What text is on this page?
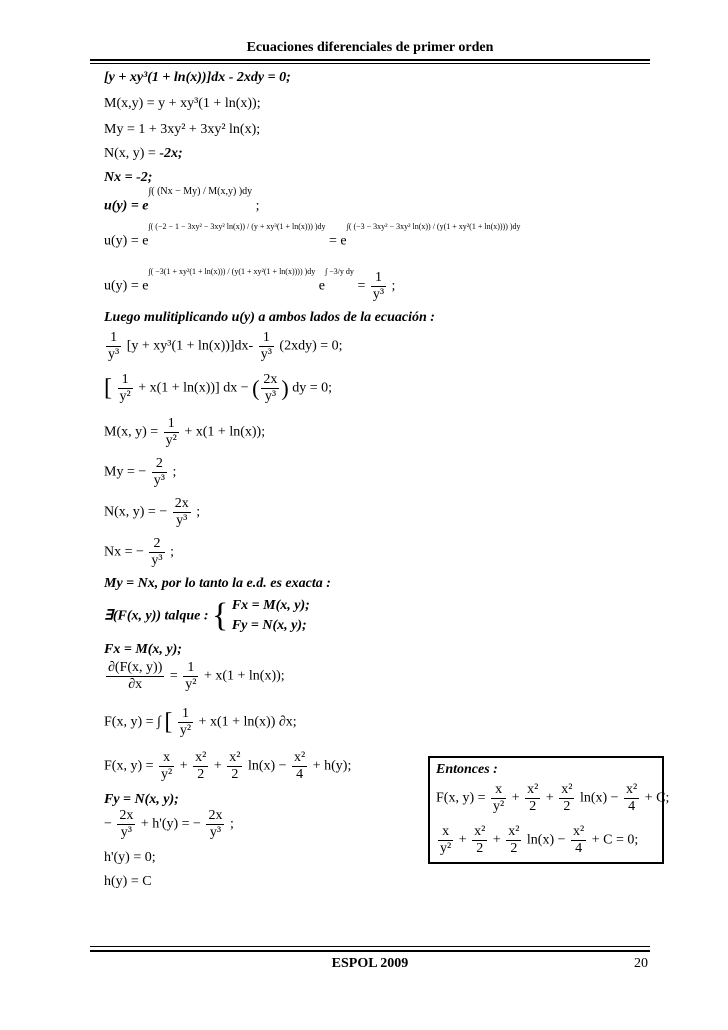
Ecuaciones diferenciales de primer orden
[y + xy³(1 + ln(x))]dx - 2xdy = 0;
M(x,y) = y + xy³(1 + ln(x));
My = 1 + 3xy² + 3xy² ln(x);
N(x, y) = -2x;
Nx = -2;
$u(y) = e^{\int( (Nx - My) / M(x,y) )dy}$ ;
$u(y) = e^{\int( (-2 - 1 - 3xy^2 - 3xy^2 ln(x)) / (y + xy^3(1 + ln(x))) )dy} = e^{\int( (-3 - 3xy^2 - 3xy^2 ln(x)) / (y(1 + xy^2(1 + ln(x)))) )dy}$
$u(y) = e^{\int( -3(1 + xy^2(1 + ln(x))) / (y(1 + xy^2(1 + ln(x)))) )dy}$ $e^{\int -3/y dy} = \frac{1}{\text{y³}}$ ;
Luego mulitiplicando u(y) a ambos lados de la ecuación :
$\frac{1}{\text{y³}} [y + xy^3(1 + \ln(x))]dx- \frac{1}{\text{y³}} (2xdy) = 0$;
[ $\frac{1}{\text{y²}} + x(1 + \ln(x))$] dx − ( $\frac{2x}{\text{y³}}$ ) dy = 0;
M(x, $y) = \frac{1}{\text{y²}} + x(1 + \ln(x))$;
My = − $\frac{2}{\text{y³}}$ ;
N(x, y) = − $\frac{2x}{\text{y³}}$ ;
Nx = − $\frac{2}{\text{y³}}$ ;
My = Nx, por lo tanto la e.d. es exacta :
∃(F(x, y)) talque : { Fx = M(x, y);
Fy = N(x, y);
Fx = M(x, y);
$\frac{\partial(F(x, y))}{\partial x} = \frac{1}{\text{y²}} + x(1 + \ln(x))$;
F(x, y) = ∫ [ $\frac{1}{\text{y²}} + x(1 + \ln(x))$ ∂x;
F(x, $y) = \frac{x}{\text{y²}} + \frac{\text{x²}}{2} + \frac{\text{x²}}{2} \ln(x) - \frac{\text{x²}}{4} + h(y)$;
Fy = N(x, y);
− $\frac{2x}{\text{y³}} + h'(y)$ = − $\frac{2x}{\text{y³}}$ ;
h'(y) = 0;
h(y) = C
Entonces :
F(x, $y) = \frac{x}{\text{y²}} + \frac{\text{x²}}{2} + \frac{\text{x²}}{2} \ln(x) - \frac{\text{x²}}{4} + C$;
$\frac{x}{\text{y²}} + \frac{\text{x²}}{2} + \frac{\text{x²}}{2} \ln(x) - \frac{\text{x²}}{4} + C = 0$;
ESPOL 2009	20
